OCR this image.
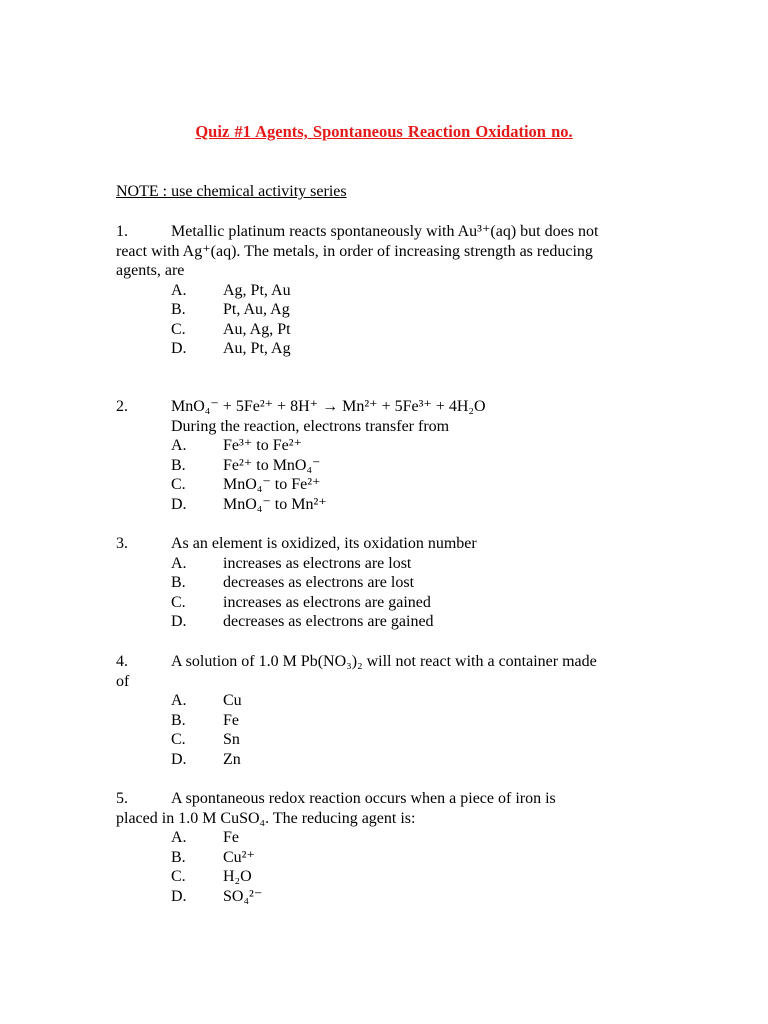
Quiz #1 Agents, Spontaneous Reaction Oxidation no.
NOTE : use chemical activity series
1.	Metallic platinum reacts spontaneously with Au³⁺(aq) but does not
react with Ag⁺(aq). The metals, in order of increasing strength as reducing
agents, are
A. Ag, Pt, Au
B. Pt, Au, Ag
C. Au, Ag, Pt
D. Au, Pt, Ag
2.	MnO₄⁻ + 5Fe²⁺ + 8H⁺ → Mn²⁺ + 5Fe³⁺ + 4H₂O
During the reaction, electrons transfer from
A. Fe³⁺ to Fe²⁺
B. Fe²⁺ to MnO₄⁻
C. MnO₄⁻ to Fe²⁺
D. MnO₄⁻ to Mn²⁺
3.	As an element is oxidized, its oxidation number
A. increases as electrons are lost
B. decreases as electrons are lost
C. increases as electrons are gained
D. decreases as electrons are gained
4.	A solution of 1.0 M Pb(NO₃)₂ will not react with a container made
of
A. Cu
B. Fe
C. Sn
D. Zn
5.	A spontaneous redox reaction occurs when a piece of iron is
placed in 1.0 M CuSO₄. The reducing agent is:
A. Fe
B. Cu²⁺
C. H₂O
D. SO₄²⁻
